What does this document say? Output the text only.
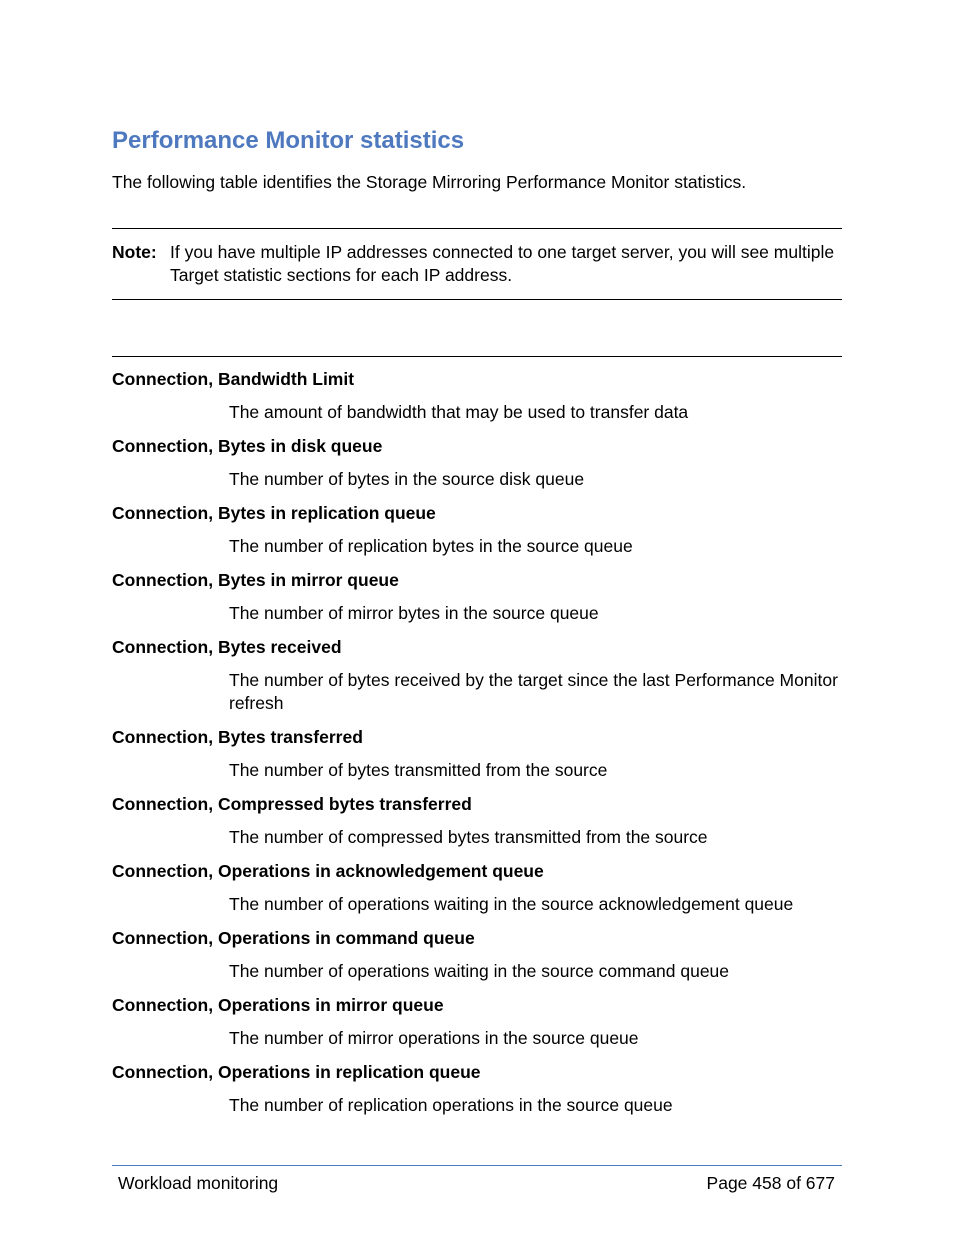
Performance Monitor statistics

The following table identifies the Storage Mirroring Performance Monitor statistics.

Note: If you have multiple IP addresses connected to one target server, you will see multiple Target statistic sections for each IP address.
Connection, Bandwidth Limit
The amount of bandwidth that may be used to transfer data
Connection, Bytes in disk queue
The number of bytes in the source disk queue
Connection, Bytes in replication queue
The number of replication bytes in the source queue
Connection, Bytes in mirror queue
The number of mirror bytes in the source queue
Connection, Bytes received
The number of bytes received by the target since the last Performance Monitor refresh
Connection, Bytes transferred
The number of bytes transmitted from the source
Connection, Compressed bytes transferred
The number of compressed bytes transmitted from the source
Connection, Operations in acknowledgement queue
The number of operations waiting in the source acknowledgement queue
Connection, Operations in command queue
The number of operations waiting in the source command queue
Connection, Operations in mirror queue
The number of mirror operations in the source queue
Connection, Operations in replication queue
The number of replication operations in the source queue
Workload monitoring	Page 458 of 677
